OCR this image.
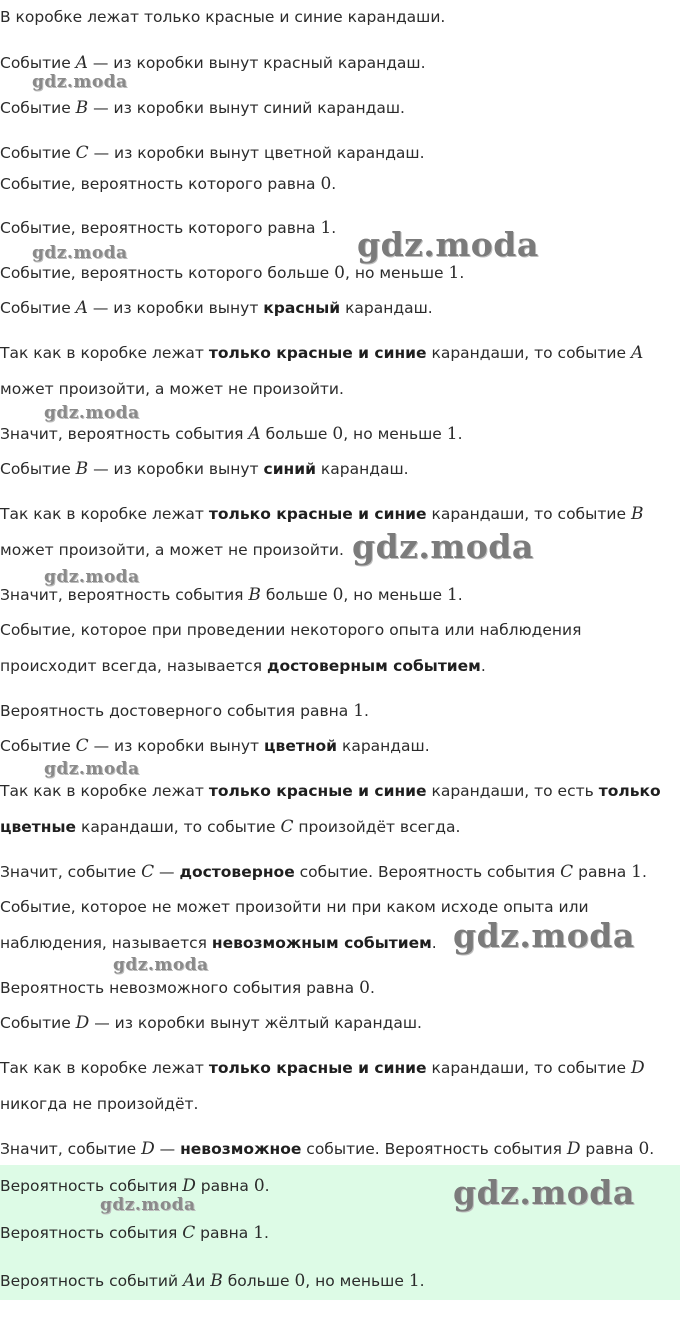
В коробке лежат только красные и синие карандаши.
Событие A — из коробки вынут красный карандаш.
Событие B — из коробки вынут синий карандаш.
Событие C — из коробки вынут цветной карандаш.
Событие, вероятность которого равна 0.
Событие, вероятность которого равна 1.
Событие, вероятность которого больше 0, но меньше 1.
Событие A — из коробки вынут красный карандаш.
Так как в коробке лежат только красные и синие карандаши, то событие A
может произойти, а может не произойти.
Значит, вероятность события A больше 0, но меньше 1.
Событие B — из коробки вынут синий карандаш.
Так как в коробке лежат только красные и синие карандаши, то событие B
может произойти, а может не произойти.
Значит, вероятность события B больше 0, но меньше 1.
Событие, которое при проведении некоторого опыта или наблюдения
происходит всегда, называется достоверным событием.
Вероятность достоверного события равна 1.
Событие C — из коробки вынут цветной карандаш.
Так как в коробке лежат только красные и синие карандаши, то есть только
цветные карандаши, то событие C произойдёт всегда.
Значит, событие C — достоверное событие. Вероятность события C равна 1.
Событие, которое не может произойти ни при каком исходе опыта или
наблюдения, называется невозможным событием.
Вероятность невозможного события равна 0.
Событие D — из коробки вынут жёлтый карандаш.
Так как в коробке лежат только красные и синие карандаши, то событие D
никогда не произойдёт.
Значит, событие D — невозможное событие. Вероятность события D равна 0.
Вероятность события D равна 0.
Вероятность события C равна 1.
Вероятность событий Aи B больше 0, но меньше 1.
gdz.moda
gdz.moda	gdz.moda
gdz.moda
gdz.moda
gdz.moda
gdz.moda
gdz.moda
gdz.moda
gdz.moda	gdz.moda
